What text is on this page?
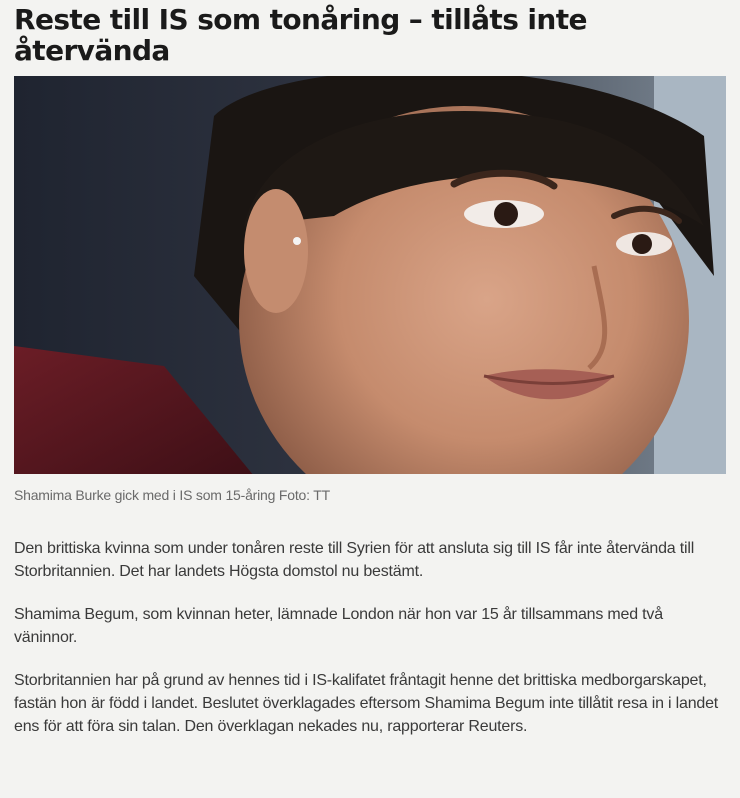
Reste till IS som tonåring – tillåts inte återvända
Shamima Burke gick med i IS som 15-åring Foto: TT

Den brittiska kvinna som under tonåren reste till Syrien för att ansluta sig till IS får inte återvända till Storbritannien. Det har landets Högsta domstol nu bestämt.

Shamima Begum, som kvinnan heter, lämnade London när hon var 15 år tillsammans med två väninnor.

Storbritannien har på grund av hennes tid i IS-kalifatet fråntagit henne det brittiska medborgarskapet, fastän hon är född i landet. Beslutet överklagades eftersom Shamima Begum inte tillåtit resa in i landet ens för att föra sin talan. Den överklagan nekades nu, rapporterar Reuters.
